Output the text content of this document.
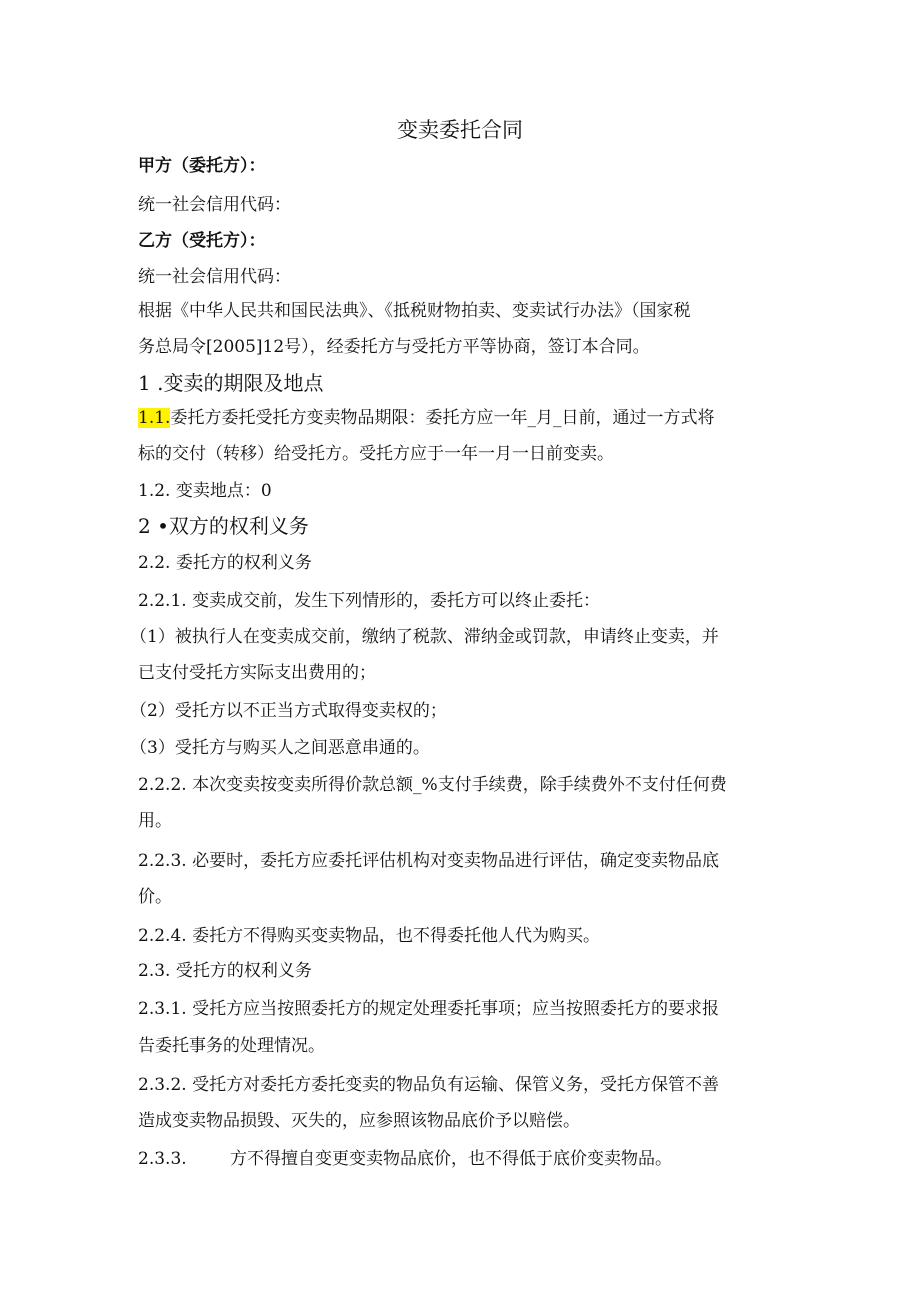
变卖委托合同
甲方（委托方）：
统一社会信用代码：
乙方（受托方）：
统一社会信用代码：
根据《中华人民共和国民法典》、《抵税财物拍卖、变卖试行办法》（国家税
务总局令[2005]12号），经委托方与受托方平等协商，签订本合同。
1 .变卖的期限及地点
1.1.委托方委托受托方变卖物品期限：委托方应一年_月_日前，通过一方式将
标的交付（转移）给受托方。受托方应于一年一月一日前变卖。
1.2. 变卖地点：0
2 •双方的权利义务
2.2. 委托方的权利义务
2.2.1. 变卖成交前，发生下列情形的，委托方可以终止委托：
（1）被执行人在变卖成交前，缴纳了税款、滞纳金或罚款，申请终止变卖，并
已支付受托方实际支出费用的；
（2）受托方以不正当方式取得变卖权的；
（3）受托方与购买人之间恶意串通的。
2.2.2. 本次变卖按变卖所得价款总额_%支付手续费，除手续费外不支付任何费
用。
2.2.3. 必要时，委托方应委托评估机构对变卖物品进行评估，确定变卖物品底
价。
2.2.4. 委托方不得购买变卖物品，也不得委托他人代为购买。
2.3. 受托方的权利义务
2.3.1. 受托方应当按照委托方的规定处理委托事项；应当按照委托方的要求报
告委托事务的处理情况。
2.3.2. 受托方对委托方委托变卖的物品负有运输、保管义务，受托方保管不善
造成变卖物品损毁、灭失的，应参照该物品底价予以赔偿。
2.3.3.	方不得擅自变更变卖物品底价，也不得低于底价变卖物品。
